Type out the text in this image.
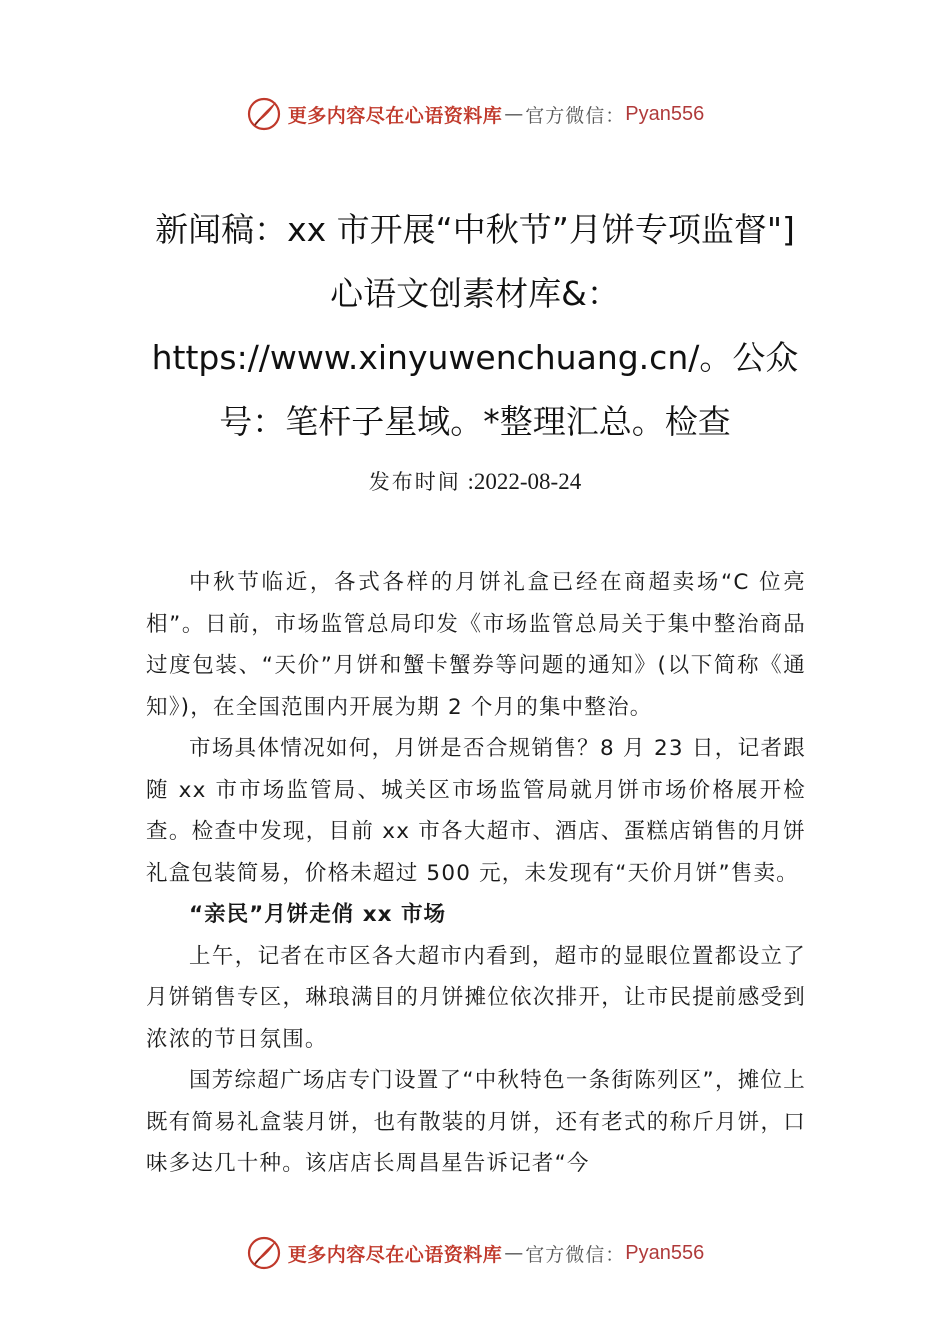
更多内容尽在心语资料库 — 官方微信： Pyan556
新闻稿：xx 市开展“中秋节”月饼专项监督"]心语文创素材库&：https://www.xinyuwenchuang.cn/。公众号：笔杆子星域。*整理汇总。检查
发布时间 :2022-08-24

中秋节临近，各式各样的月饼礼盒已经在商超卖场“C 位亮相”。日前，市场监管总局印发《市场监管总局关于集中整治商品过度包装、“天价”月饼和蟹卡蟹券等问题的通知》(以下简称《通知》)，在全国范围内开展为期 2 个月的集中整治。

市场具体情况如何，月饼是否合规销售？8 月 23 日，记者跟随 xx 市市场监管局、城关区市场监管局就月饼市场价格展开检查。检查中发现，目前 xx 市各大超市、酒店、蛋糕店销售的月饼礼盒包装简易，价格未超过 500 元，未发现有“天价月饼”售卖。

“亲民”月饼走俏 xx 市场

上午，记者在市区各大超市内看到，超市的显眼位置都设立了月饼销售专区，琳琅满目的月饼摊位依次排开，让市民提前感受到浓浓的节日氛围。

国芳综超广场店专门设置了“中秋特色一条街陈列区”，摊位上既有简易礼盒装月饼，也有散装的月饼，还有老式的称斤月饼，口味多达几十种。该店店长周昌星告诉记者“今

更多内容尽在心语资料库 — 官方微信： Pyan556
